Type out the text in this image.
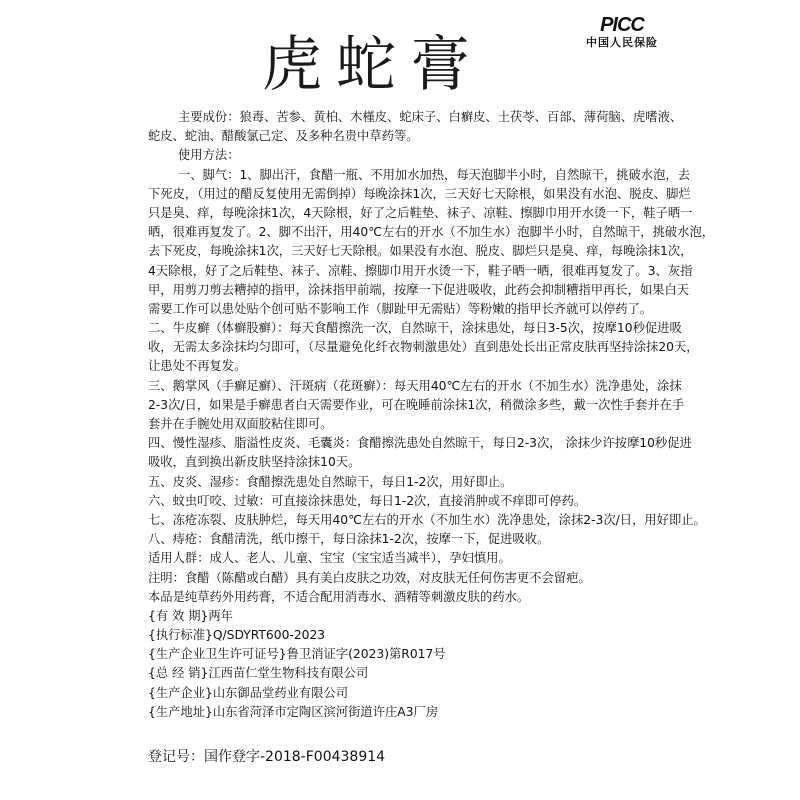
虎蛇膏
PICC
中国人民保险
主要成份：狼毒、苦参、黄柏、木槿皮、蛇床子、白癣皮、土茯苓、百部、薄荷脑、虎嗜液、
蛇皮、蛇油、醋酸氯己定、及多种名贵中草药等。
使用方法：
一、脚气：1、脚出汗，食醋一瓶、不用加水加热，每天泡脚半小时，自然晾干，挑破水泡，去
下死皮，（用过的醋反复使用无需倒掉）每晚涂抹1次，三天好七天除根，如果没有水泡、脱皮、脚烂
只是臭、痒，每晚涂抹1次，4天除根，好了之后鞋垫、袜子、凉鞋、擦脚巾用开水烫一下，鞋子晒一
晒，很难再复发了。2、脚不出汗，用40℃左右的开水（不加生水）泡脚半小时，自然晾干，挑破水泡，
去下死皮，每晚涂抹1次，三天好七天除根。如果没有水泡、脱皮、脚烂只是臭、痒，每晚涂抹1次，
4天除根，好了之后鞋垫、袜子、凉鞋、擦脚巾用开水烫一下，鞋子晒一晒，很难再复发了。3、灰指
甲，用剪刀剪去糟掉的指甲，涂抹指甲前端，按摩一下促进吸收，此药会抑制糟指甲再长，如果白天
需要工作可以患处贴个创可贴不影响工作（脚趾甲无需贴）等粉嫩的指甲长齐就可以停药了。
二、牛皮癣（体癣股癣）：每天食醋擦洗一次，自然晾干，涂抹患处，每日3-5次，按摩10秒促进吸
收，无需太多涂抹均匀即可，（尽量避免化纤衣物刺激患处）直到患处长出正常皮肤再坚持涂抹20天，
让患处不再复发。
三、鹅掌风（手癣足癣）、汗斑病（花斑癣）：每天用40℃左右的开水（不加生水）洗净患处，涂抹
2-3次/日，如果是手癣患者白天需要作业，可在晚睡前涂抹1次，稍微涂多些，戴一次性手套并在手
套并在手腕处用双面胶粘住即可。
四、慢性湿疹、脂溢性皮炎、毛囊炎：食醋擦洗患处自然晾干，每日2-3次， 涂抹少许按摩10秒促进
吸收，直到换出新皮肤坚持涂抹10天。
五、皮炎、湿疹：食醋擦洗患处自然晾干，每日1-2次，用好即止。
六、蚊虫叮咬、过敏：可直接涂抹患处，每日1-2次，直接消肿或不痒即可停药。
七、冻疮冻裂、皮肤肿烂，每天用40℃左右的开水（不加生水）洗净患处，涂抹2-3次/日，用好即止。
八、痔疮：食醋清洗，纸巾擦干，每日涂抹1-2次，按摩一下，促进吸收。
适用人群：成人、老人、儿童、宝宝（宝宝适当减半），孕妇慎用。
注明：食醋（陈醋或白醋）具有美白皮肤之功效，对皮肤无任何伤害更不会留疤。
本品是纯草药外用药膏，不适合配用消毒水、酒精等刺激皮肤的药水。
{有 效 期}两年
{执行标准}Q/SDYRT600-2023
{生产企业卫生许可证号}鲁卫消证字(2023)第R017号
{总 经 销}江西苗仁堂生物科技有限公司
{生产企业}山东御品堂药业有限公司
{生产地址}山东省菏泽市定陶区滨河街道许庄A3厂房
登记号：国作登字-2018-F00438914
